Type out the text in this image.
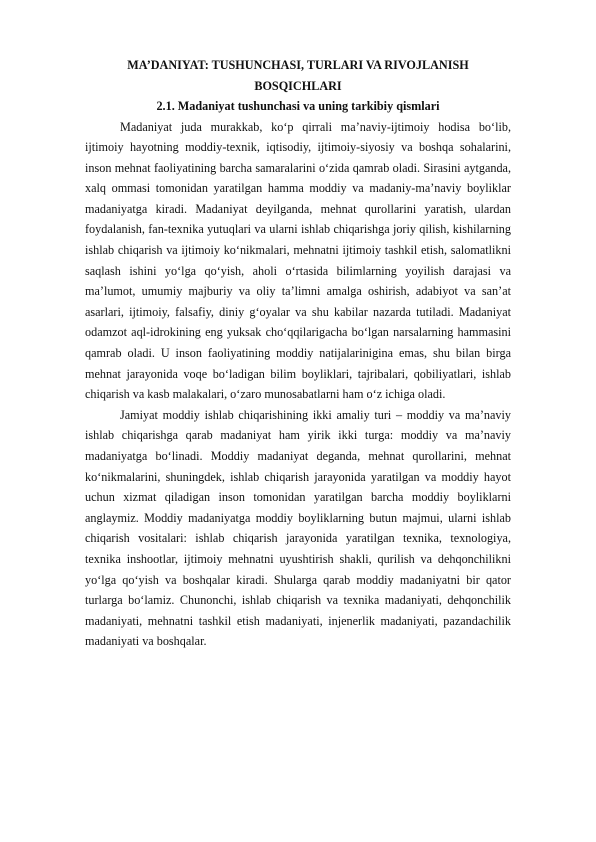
MA’DANIYAT: TUSHUNCHASI, TURLARI VA RIVOJLANISH

BOSQICHLARI

2.1. Madaniyat tushunchasi va uning tarkibiy qismlari

Madaniyat juda murakkab, ko‘p qirrali ma’naviy-ijtimoiy hodisa bo‘lib, ijtimoiy hayotning moddiy-texnik, iqtisodiy, ijtimoiy-siyosiy va boshqa sohalarini, inson mehnat faoliyatining barcha samaralarini o‘zida qamrab oladi. Sirasini aytganda, xalq ommasi tomonidan yaratilgan hamma moddiy va madaniy-ma’naviy boyliklar madaniyatga kiradi. Madaniyat deyilganda, mehnat qurollarini yaratish, ulardan foydalanish, fan-texnika yutuqlari va ularni ishlab chiqarishga joriy qilish, kishilarning ishlab chiqarish va ijtimoiy ko‘nikmalari, mehnatni ijtimoiy tashkil etish, salomatlikni saqlash ishini yo‘lga qo‘yish, aholi o‘rtasida bilimlarning yoyilish darajasi va ma’lumot, umumiy majburiy va oliy ta’limni amalga oshirish, adabiyot va san’at asarlari, ijtimoiy, falsafiy, diniy g‘oyalar va shu kabilar nazarda tutiladi. Madaniyat odamzot aql-idrokining eng yuksak cho‘qqilarigacha bo‘lgan narsalarning hammasini qamrab oladi. U inson faoliyatining moddiy natijalarinigina emas, shu bilan birga mehnat jarayonida voqe bo‘ladigan bilim boyliklari, tajribalari, qobiliyatlari, ishlab chiqarish va kasb malakalari, o‘zaro munosabatlarni ham o‘z ichiga oladi.

Jamiyat moddiy ishlab chiqarishining ikki amaliy turi – moddiy va ma’naviy ishlab chiqarishga qarab madaniyat ham yirik ikki turga: moddiy va ma’naviy madaniyatga bo‘linadi. Moddiy madaniyat deganda, mehnat qurollarini, mehnat ko‘nikmalarini, shuningdek, ishlab chiqarish jarayonida yaratilgan va moddiy hayot uchun xizmat qiladigan inson tomonidan yaratilgan barcha moddiy boyliklarni anglaymiz. Moddiy madaniyatga moddiy boyliklarning butun majmui, ularni ishlab chiqarish vositalari: ishlab chiqarish jarayonida yaratilgan texnika, texnologiya, texnika inshootlar, ijtimoiy mehnatni uyushtirish shakli, qurilish va dehqonchilikni yo‘lga qo‘yish va boshqalar kiradi. Shularga qarab moddiy madaniyatni bir qator turlarga bo‘lamiz. Chunonchi, ishlab chiqarish va texnika madaniyati, dehqonchilik madaniyati, mehnatni tashkil etish madaniyati, injenerlik madaniyati, pazandachilik madaniyati va boshqalar.
